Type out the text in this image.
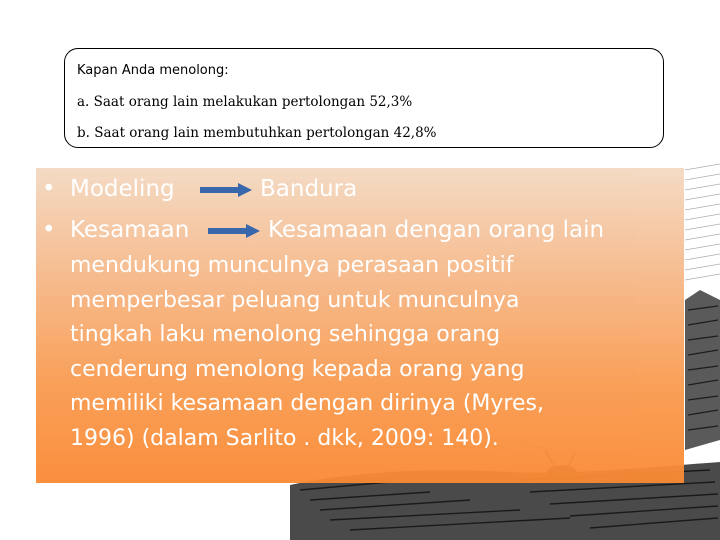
Kapan Anda menolong:
a. Saat orang lain melakukan pertolongan 52,3%
b. Saat orang lain membutuhkan pertolongan 42,8%
• Modeling	Bandura
• Kesamaan	Kesamaan dengan orang lain
mendukung munculnya perasaan positif
memperbesar peluang untuk munculnya
tingkah laku menolong sehingga orang
cenderung menolong kepada orang yang
memiliki kesamaan dengan dirinya (Myres,
1996) (dalam Sarlito . dkk, 2009: 140).
